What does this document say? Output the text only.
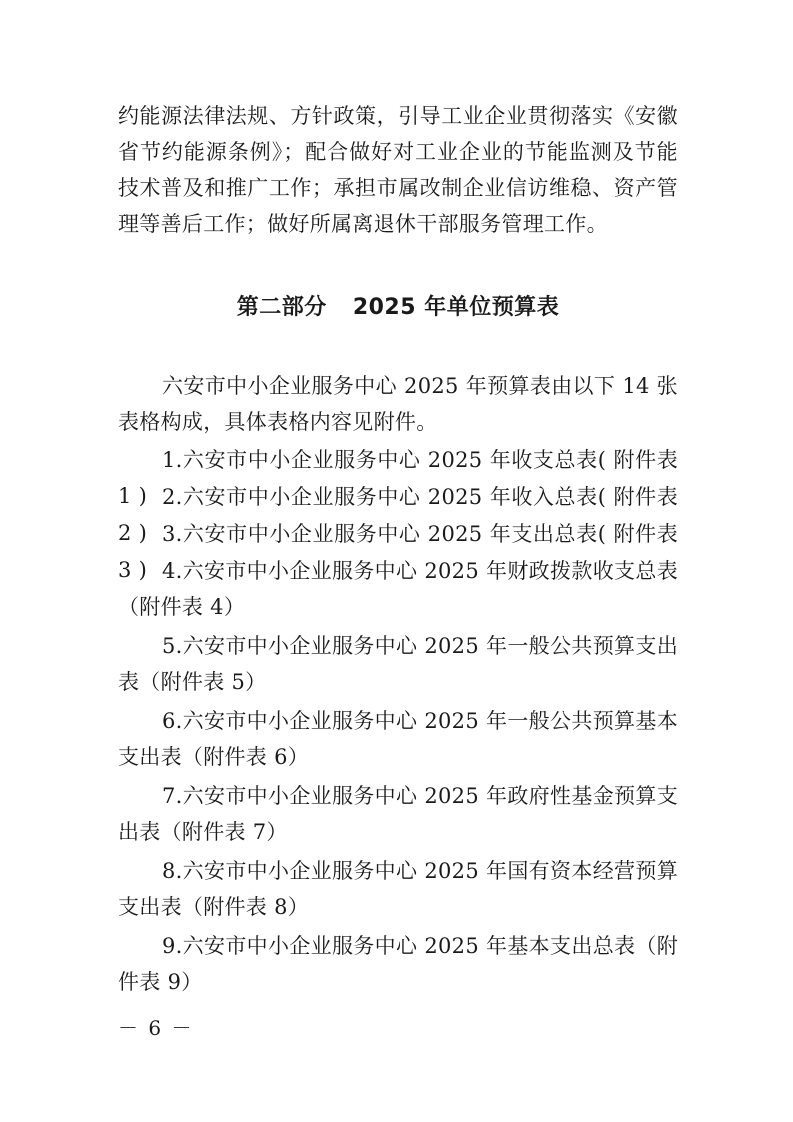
约能源法律法规、方针政策，引导工业企业贯彻落实《安徽省节约能源条例》；配合做好对工业企业的节能监测及节能技术普及和推广工作；承担市属改制企业信访维稳、资产管理等善后工作；做好所属离退休干部服务管理工作。

第二部分 2025 年单位预算表

六安市中小企业服务中心 2025 年预算表由以下 14 张表格构成，具体表格内容见附件。

1.六安市中小企业服务中心 2025 年收支总表( 附件表 1 ) 2.六安市中小企业服务中心 2025 年收入总表( 附件表 2 ) 3.六安市中小企业服务中心 2025 年支出总表( 附件表 3 ) 4.六安市中小企业服务中心 2025 年财政拨款收支总表（附件表 4）

5.六安市中小企业服务中心 2025 年一般公共预算支出表（附件表 5）

6.六安市中小企业服务中心 2025 年一般公共预算基本支出表（附件表 6）

7.六安市中小企业服务中心 2025 年政府性基金预算支出表（附件表 7）

8.六安市中小企业服务中心 2025 年国有资本经营预算支出表（附件表 8）

9.六安市中小企业服务中心 2025 年基本支出总表（附件表 9）

－ 6 －
